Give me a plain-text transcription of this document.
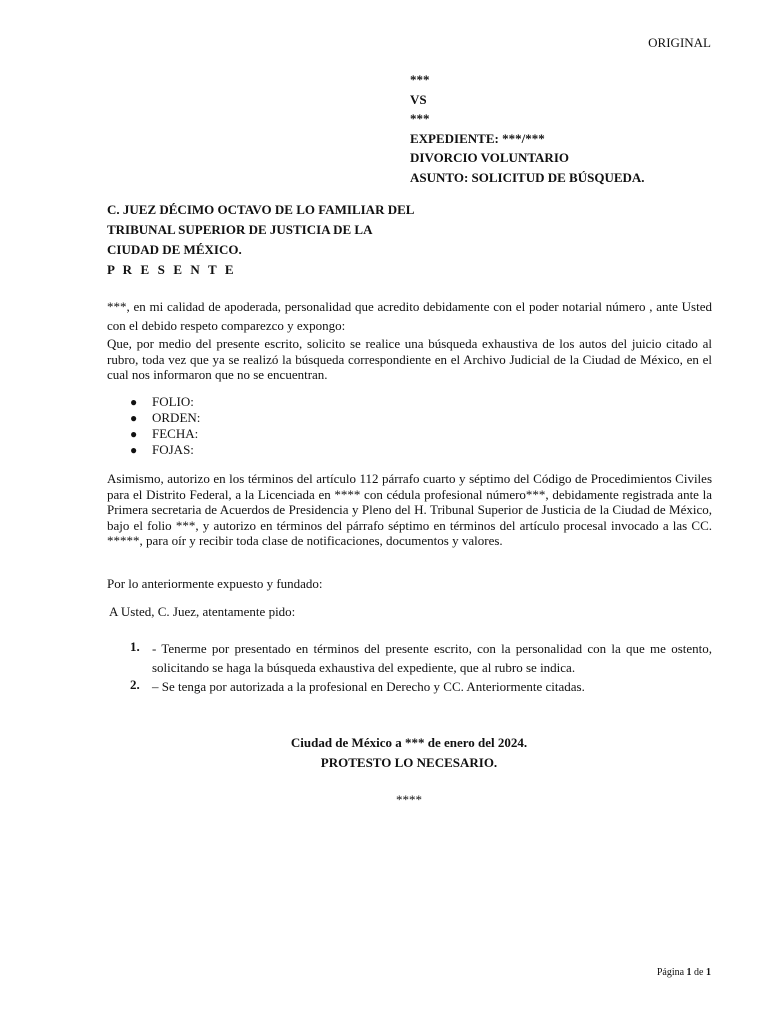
ORIGINAL
***
VS
***
EXPEDIENTE: ***/***
DIVORCIO VOLUNTARIO
ASUNTO: SOLICITUD DE BÚSQUEDA.
C. JUEZ DÉCIMO OCTAVO DE LO FAMILIAR DEL
TRIBUNAL SUPERIOR DE JUSTICIA DE LA
CIUDAD DE MÉXICO.
P R E S E N T E
***, en mi calidad de apoderada, personalidad que acredito debidamente con el poder notarial número , ante Usted con el debido respeto comparezco y expongo:
Que, por medio del presente escrito, solicito se realice una búsqueda exhaustiva de los autos del juicio citado al rubro, toda vez que ya se realizó la búsqueda correspondiente en el Archivo Judicial de la Ciudad de México, en el cual nos informaron que no se encuentran.
●	FOLIO:
●	ORDEN:
●	FECHA:
●	FOJAS:
Asimismo, autorizo en los términos del artículo 112 párrafo cuarto y séptimo del Código de Procedimientos Civiles para el Distrito Federal, a la Licenciada en **** con cédula profesional número***, debidamente registrada ante la Primera secretaria de Acuerdos de Presidencia y Pleno del H. Tribunal Superior de Justicia de la Ciudad de México, bajo el folio ***, y autorizo en términos del párrafo séptimo en términos del artículo procesal invocado a las CC. *****, para oír y recibir toda clase de notificaciones, documentos y valores.
Por lo anteriormente expuesto y fundado:
A Usted, C. Juez, atentamente pido:
1. - Tenerme por presentado en términos del presente escrito, con la personalidad con la que me ostento, solicitando se haga la búsqueda exhaustiva del expediente, que al rubro se indica.
2. – Se tenga por autorizada a la profesional en Derecho y CC. Anteriormente citadas.
Ciudad de México a *** de enero del 2024.
PROTESTO LO NECESARIO.
****
Página 1 de 1
